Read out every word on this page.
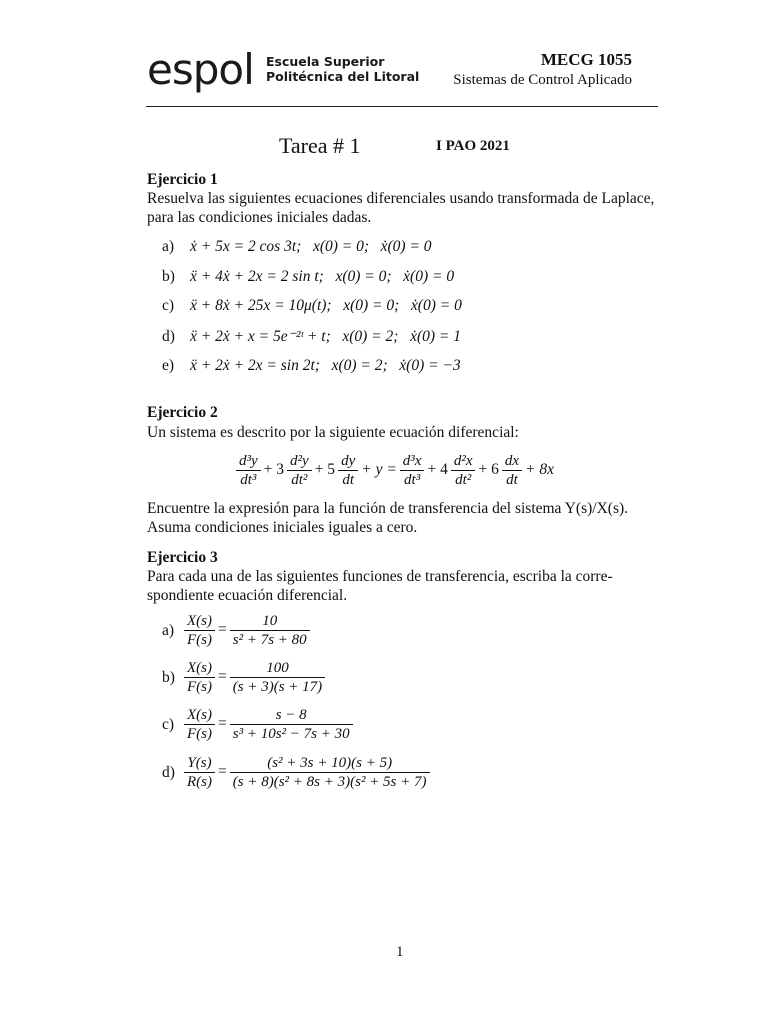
espol Escuela Superior
Politécnica del Litoral
MECG 1055
Sistemas de Control Aplicado
Tarea # 1	I PAO 2021
Ejercicio 1
Resuelva las siguientes ecuaciones diferenciales usando transformada de Laplace,
para las condiciones iniciales dadas.
a) ẋ + 5x = 2 cos 3t; x(0) = 0; ẋ(0) = 0
b) ẍ + 4ẋ + 2x = 2 sin t; x(0) = 0; ẋ(0) = 0
c) ẍ + 8ẋ + 25x = 10μ(t); x(0) = 0; ẋ(0) = 0
d) ẍ + 2ẋ + x = 5e⁻²ᵗ + t; x(0) = 2; ẋ(0) = 1
e) ẍ + 2ẋ + 2x = sin 2t; x(0) = 2; ẋ(0) = −3
Ejercicio 2
Un sistema es descrito por la siguiente ecuación diferencial:
$\frac{\text{d³y}}{\text{dt³}} + 3 \frac{\text{d²y}}{\text{dt²}} + 5 \frac{dy}{dt} + y = \frac{\text{d³x}}{\text{dt³}} + 4 \frac{\text{d²x}}{\text{dt²}} + 6 \frac{dx}{dt} + 8x$
Encuentre la expresión para la función de transferencia del sistema Y(s)/X(s).
Asuma condiciones iniciales iguales a cero.
Ejercicio 3
Para cada una de las siguientes funciones de transferencia, escriba la corre-
spondiente ecuación diferencial.
$a) \frac{X(s)}{F(s)} = \frac{10}{\text{s² + 7s + 80}}$
$b) \frac{X(s)}{F(s)} = \frac{100}{(s + 3)(s + 17)}$
$c) \frac{X(s)}{F(s)} = \frac{s - 8}{\text{s³ + 10s² − 7s + 30}}$
$d) \frac{Y(s)}{R(s)} = \frac{\text{(s² + 3s + 10)(s + 5)}}{\text{(s + 8)(s² + 8s + 3)(s² + 5s + 7)}}$
1
